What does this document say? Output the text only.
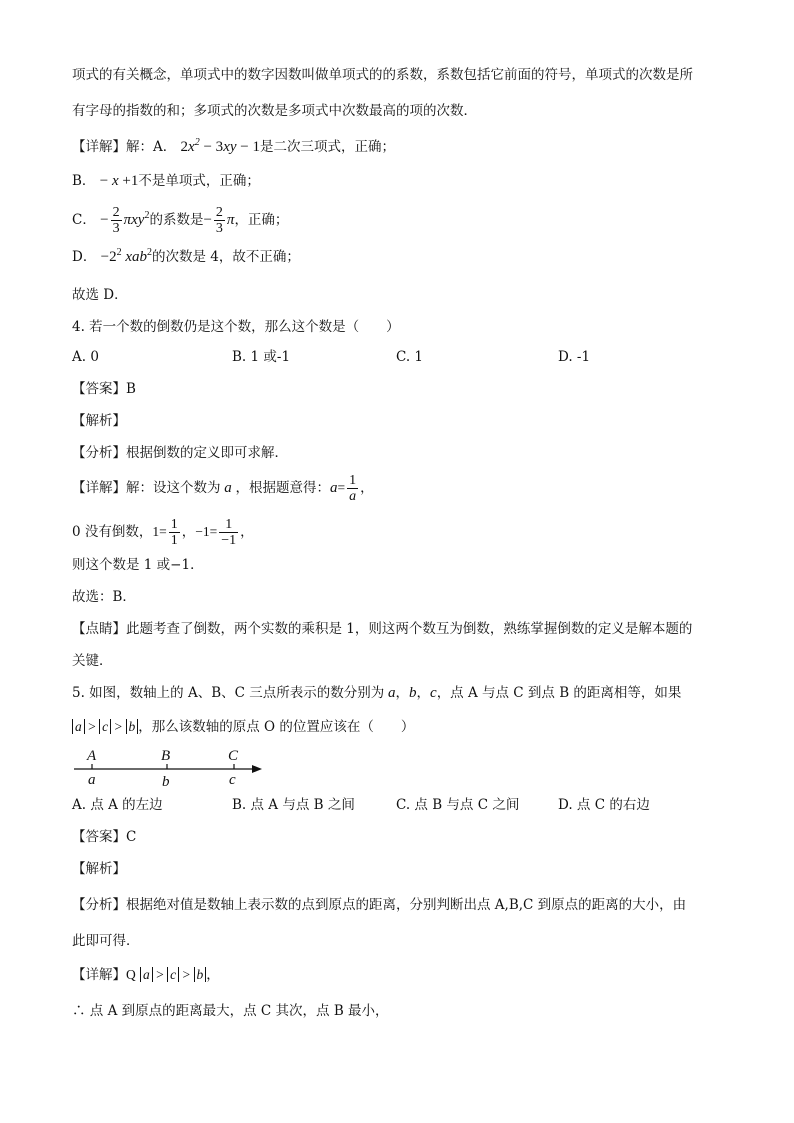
项式的有关概念，单项式中的数字因数叫做单项式的的系数，系数包括它前面的符号，单项式的次数是所
有字母的指数的和；多项式的次数是多项式中次数最高的项的次数．
【详解】解：A． $2x^2 - 3xy - 1$是二次三项式，正确；
B． − x +1不是单项式，正确；
C． − $\frac{2}{3} \pi xy^2$的系数是− $\frac{2}{3}$ π，正确；
D． $-2^2$ xab$^2$的次数是 4，故不正确；
故选 D．
4. 若一个数的倒数仍是这个数，那么这个数是（　　）
A. 0	B. 1 或-1	C. 1	D. -1
【答案】B
【解析】
【分析】根据倒数的定义即可求解．
【详解】解：设这个数为 a ，根据题意得：$a= \frac{1}{a}$ ，
0 没有倒数，$1= \frac{1}{1}$ ，$-1= \frac{1}{-1}$ ，
则这个数是 1 或−1．
故选：B．
【点睛】此题考查了倒数，两个实数的乘积是 1，则这两个数互为倒数，熟练掌握倒数的定义是解本题的
关键．
5. 如图，数轴上的 A、B、C 三点所表示的数分别为 a，b，c，点 A 与点 C 到点 B 的距离相等，如果
a > c > b ，那么该数轴的原点 O 的位置应该在（　　）
A	B	C
a	b	c
A. 点 A 的左边	B. 点 A 与点 B 之间	C. 点 B 与点 C 之间	D. 点 C 的右边
【答案】C
【解析】
【分析】根据绝对值是数轴上表示数的点到原点的距离，分别判断出点 A,B,C 到原点的距离的大小，由
此即可得．
【详解】Q a > c > b ，
∴ 点 A 到原点的距离最大，点 C 其次，点 B 最小，
